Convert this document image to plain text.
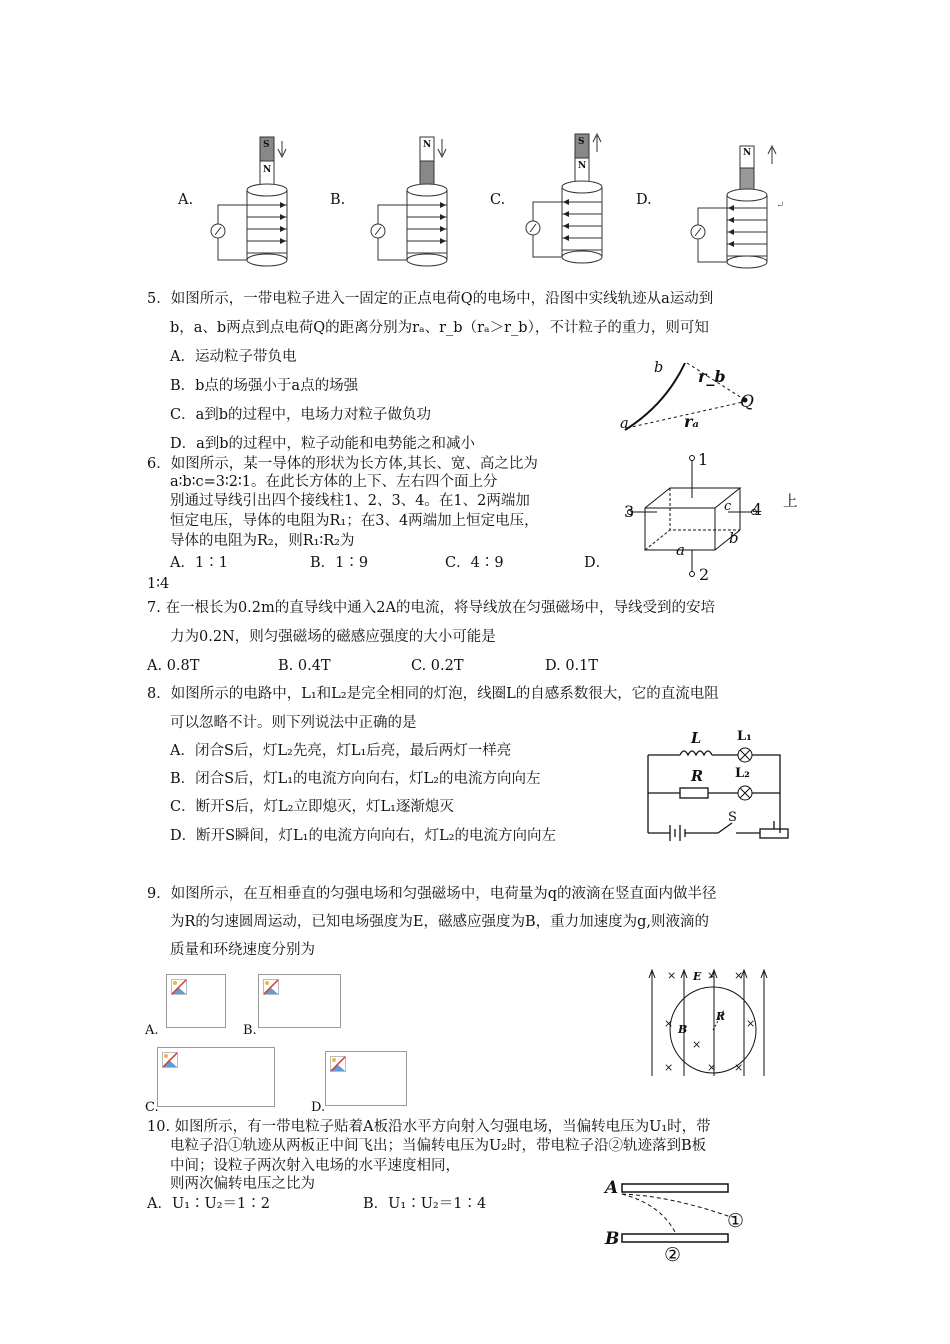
A.	B.	C.	D.	↵
S
N
N	S
N
N
5．如图所示，一带电粒子进入一固定的正点电荷Q的电场中，沿图中实线轨迹从a运动到
b，a、b两点到点电荷Q的距离分别为rₐ、r_b（rₐ＞r_b），不计粒子的重力，则可知
A．运动粒子带负电
B．b点的场强小于a点的场强
C．a到b的过程中，电场力对粒子做负功
D．a到b的过程中，粒子动能和电势能之和减小
b
a
Q
r_b
rₐ
6．如图所示，某一导体的形状为长方体,其长、宽、高之比为
a∶b∶c=3∶2∶1。在此长方体的上下、左右四个面上分
别通过导线引出四个接线柱1、2、3、4。在1、2两端加
恒定电压，导体的电阻为R₁；在3、4两端加上恒定电压，
导体的电阻为R₂，则R₁∶R₂为
上
A．1∶1	B．1∶9	C．4∶9	D．
1∶4
1
2
3	4
a
b
c
7. 在一根长为0.2m的直导线中通入2A的电流，将导线放在匀强磁场中，导线受到的安培
力为0.2N，则匀强磁场的磁感应强度的大小可能是
A. 0.8T	B. 0.4T	C. 0.2T	D. 0.1T
8．如图所示的电路中，L₁和L₂是完全相同的灯泡，线圈L的自感系数很大，它的直流电阻
可以忽略不计。则下列说法中正确的是
A．闭合S后，灯L₂先亮，灯L₁后亮，最后两灯一样亮
B．闭合S后，灯L₁的电流方向向右，灯L₂的电流方向向左
C．断开S后，灯L₂立即熄灭，灯L₁逐渐熄灭
D．断开S瞬间，灯L₁的电流方向向右，灯L₂的电流方向向左
L	L₁
L₂
R
S
9．如图所示，在互相垂直的匀强电场和匀强磁场中，电荷量为q的液滴在竖直面内做半径
为R的匀速圆周运动，已知电场强度为E，磁感应强度为B，重力加速度为g,则液滴的
质量和环绕速度分别为
A.	B.
C.	D.
×	× ×
×	×
×
×	× ×
E
B
R
10. 如图所示，有一带电粒子贴着A板沿水平方向射入匀强电场，当偏转电压为U₁时，带
电粒子沿①轨迹从两板正中间飞出；当偏转电压为U₂时，带电粒子沿②轨迹落到B板
中间；设粒子两次射入电场的水平速度相同，
则两次偏转电压之比为
A．U₁∶U₂＝1∶2	B．U₁∶U₂＝1∶4
A
B
①
②
